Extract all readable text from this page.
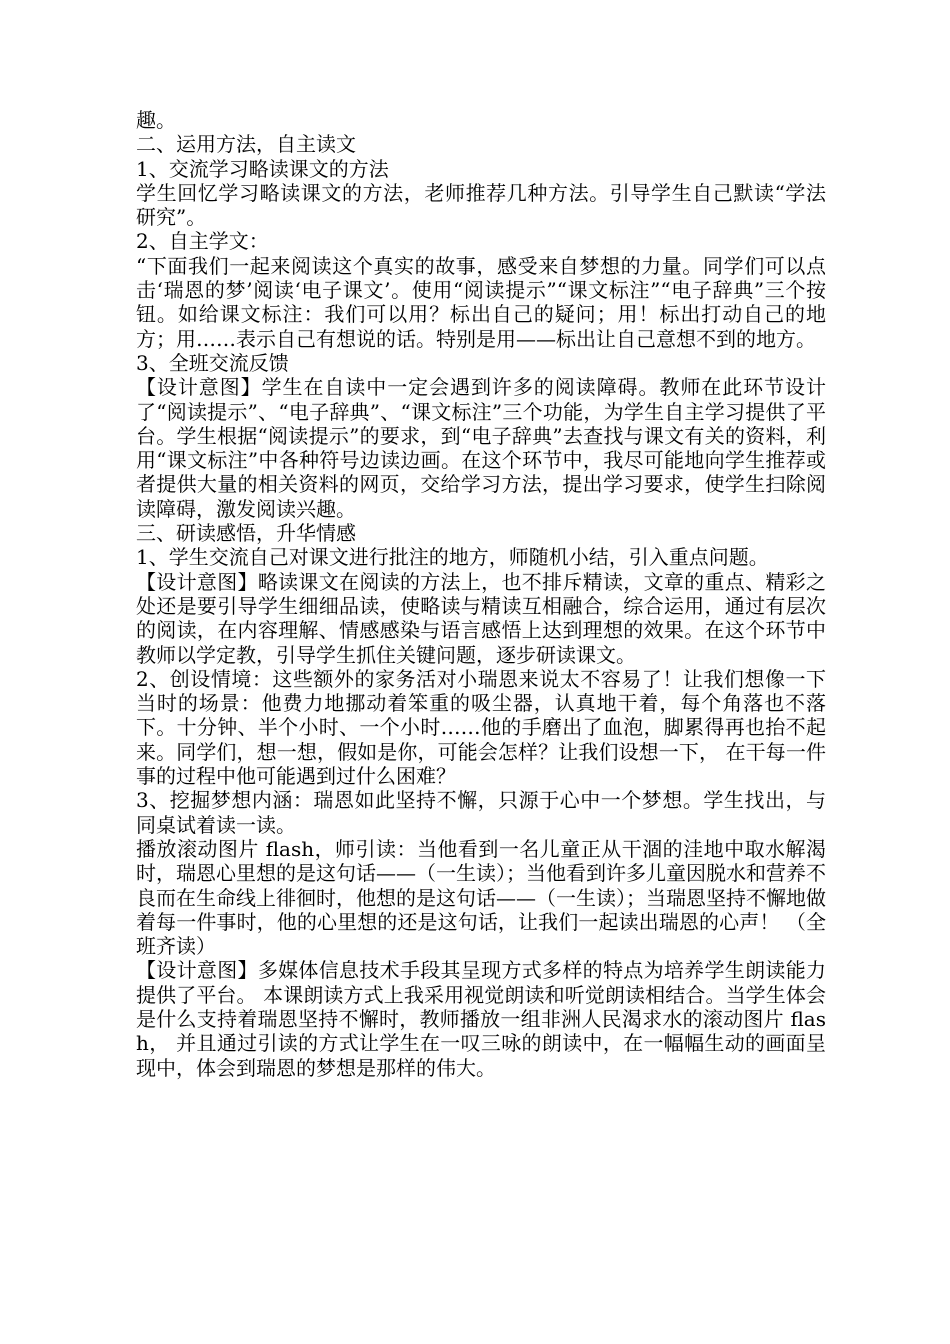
趣。

二、运用方法，自主读文

1、交流学习略读课文的方法

学生回忆学习略读课文的方法，老师推荐几种方法。引导学生自己默读“学法研究”。

2、自主学文：

“下面我们一起来阅读这个真实的故事，感受来自梦想的力量。同学们可以点击‘瑞恩的梦’阅读‘电子课文’。使用“阅读提示”“课文标注”“电子辞典”三个按钮。如给课文标注：我们可以用？标出自己的疑问；用！标出打动自己的地方；用……表示自己有想说的话。特别是用——标出让自己意想不到的地方。

3、全班交流反馈

【设计意图】学生在自读中一定会遇到许多的阅读障碍。教师在此环节设计了“阅读提示”、“电子辞典”、“课文标注”三个功能，为学生自主学习提供了平台。学生根据“阅读提示”的要求，到“电子辞典”去查找与课文有关的资料，利用“课文标注”中各种符号边读边画。在这个环节中，我尽可能地向学生推荐或者提供大量的相关资料的网页，交给学习方法，提出学习要求，使学生扫除阅读障碍，激发阅读兴趣。

三、研读感悟，升华情感

1、学生交流自己对课文进行批注的地方，师随机小结，引入重点问题。

【设计意图】略读课文在阅读的方法上，也不排斥精读，文章的重点、精彩之处还是要引导学生细细品读，使略读与精读互相融合，综合运用，通过有层次的阅读，在内容理解、情感感染与语言感悟上达到理想的效果。在这个环节中教师以学定教，引导学生抓住关键问题，逐步研读课文。

2、创设情境：这些额外的家务活对小瑞恩来说太不容易了！让我们想像一下当时的场景：他费力地挪动着笨重的吸尘器，认真地干着，每个角落也不落下。十分钟、半个小时、一个小时……他的手磨出了血泡，脚累得再也抬不起来。同学们，想一想，假如是你，可能会怎样？让我们设想一下， 在干每一件事的过程中他可能遇到过什么困难？

3、挖掘梦想内涵：瑞恩如此坚持不懈，只源于心中一个梦想。学生找出，与同桌试着读一读。

播放滚动图片 flash，师引读：当他看到一名儿童正从干涸的洼地中取水解渴时，瑞恩心里想的是这句话——（一生读）；当他看到许多儿童因脱水和营养不良而在生命线上徘徊时，他想的是这句话——（一生读）；当瑞恩坚持不懈地做着每一件事时，他的心里想的还是这句话，让我们一起读出瑞恩的心声！ （全班齐读）

【设计意图】多媒体信息技术手段其呈现方式多样的特点为培养学生朗读能力提供了平台。 本课朗读方式上我采用视觉朗读和听觉朗读相结合。当学生体会是什么支持着瑞恩坚持不懈时，教师播放一组非洲人民渴求水的滚动图片 flash， 并且通过引读的方式让学生在一叹三咏的朗读中，在一幅幅生动的画面呈现中，体会到瑞恩的梦想是那样的伟大。
